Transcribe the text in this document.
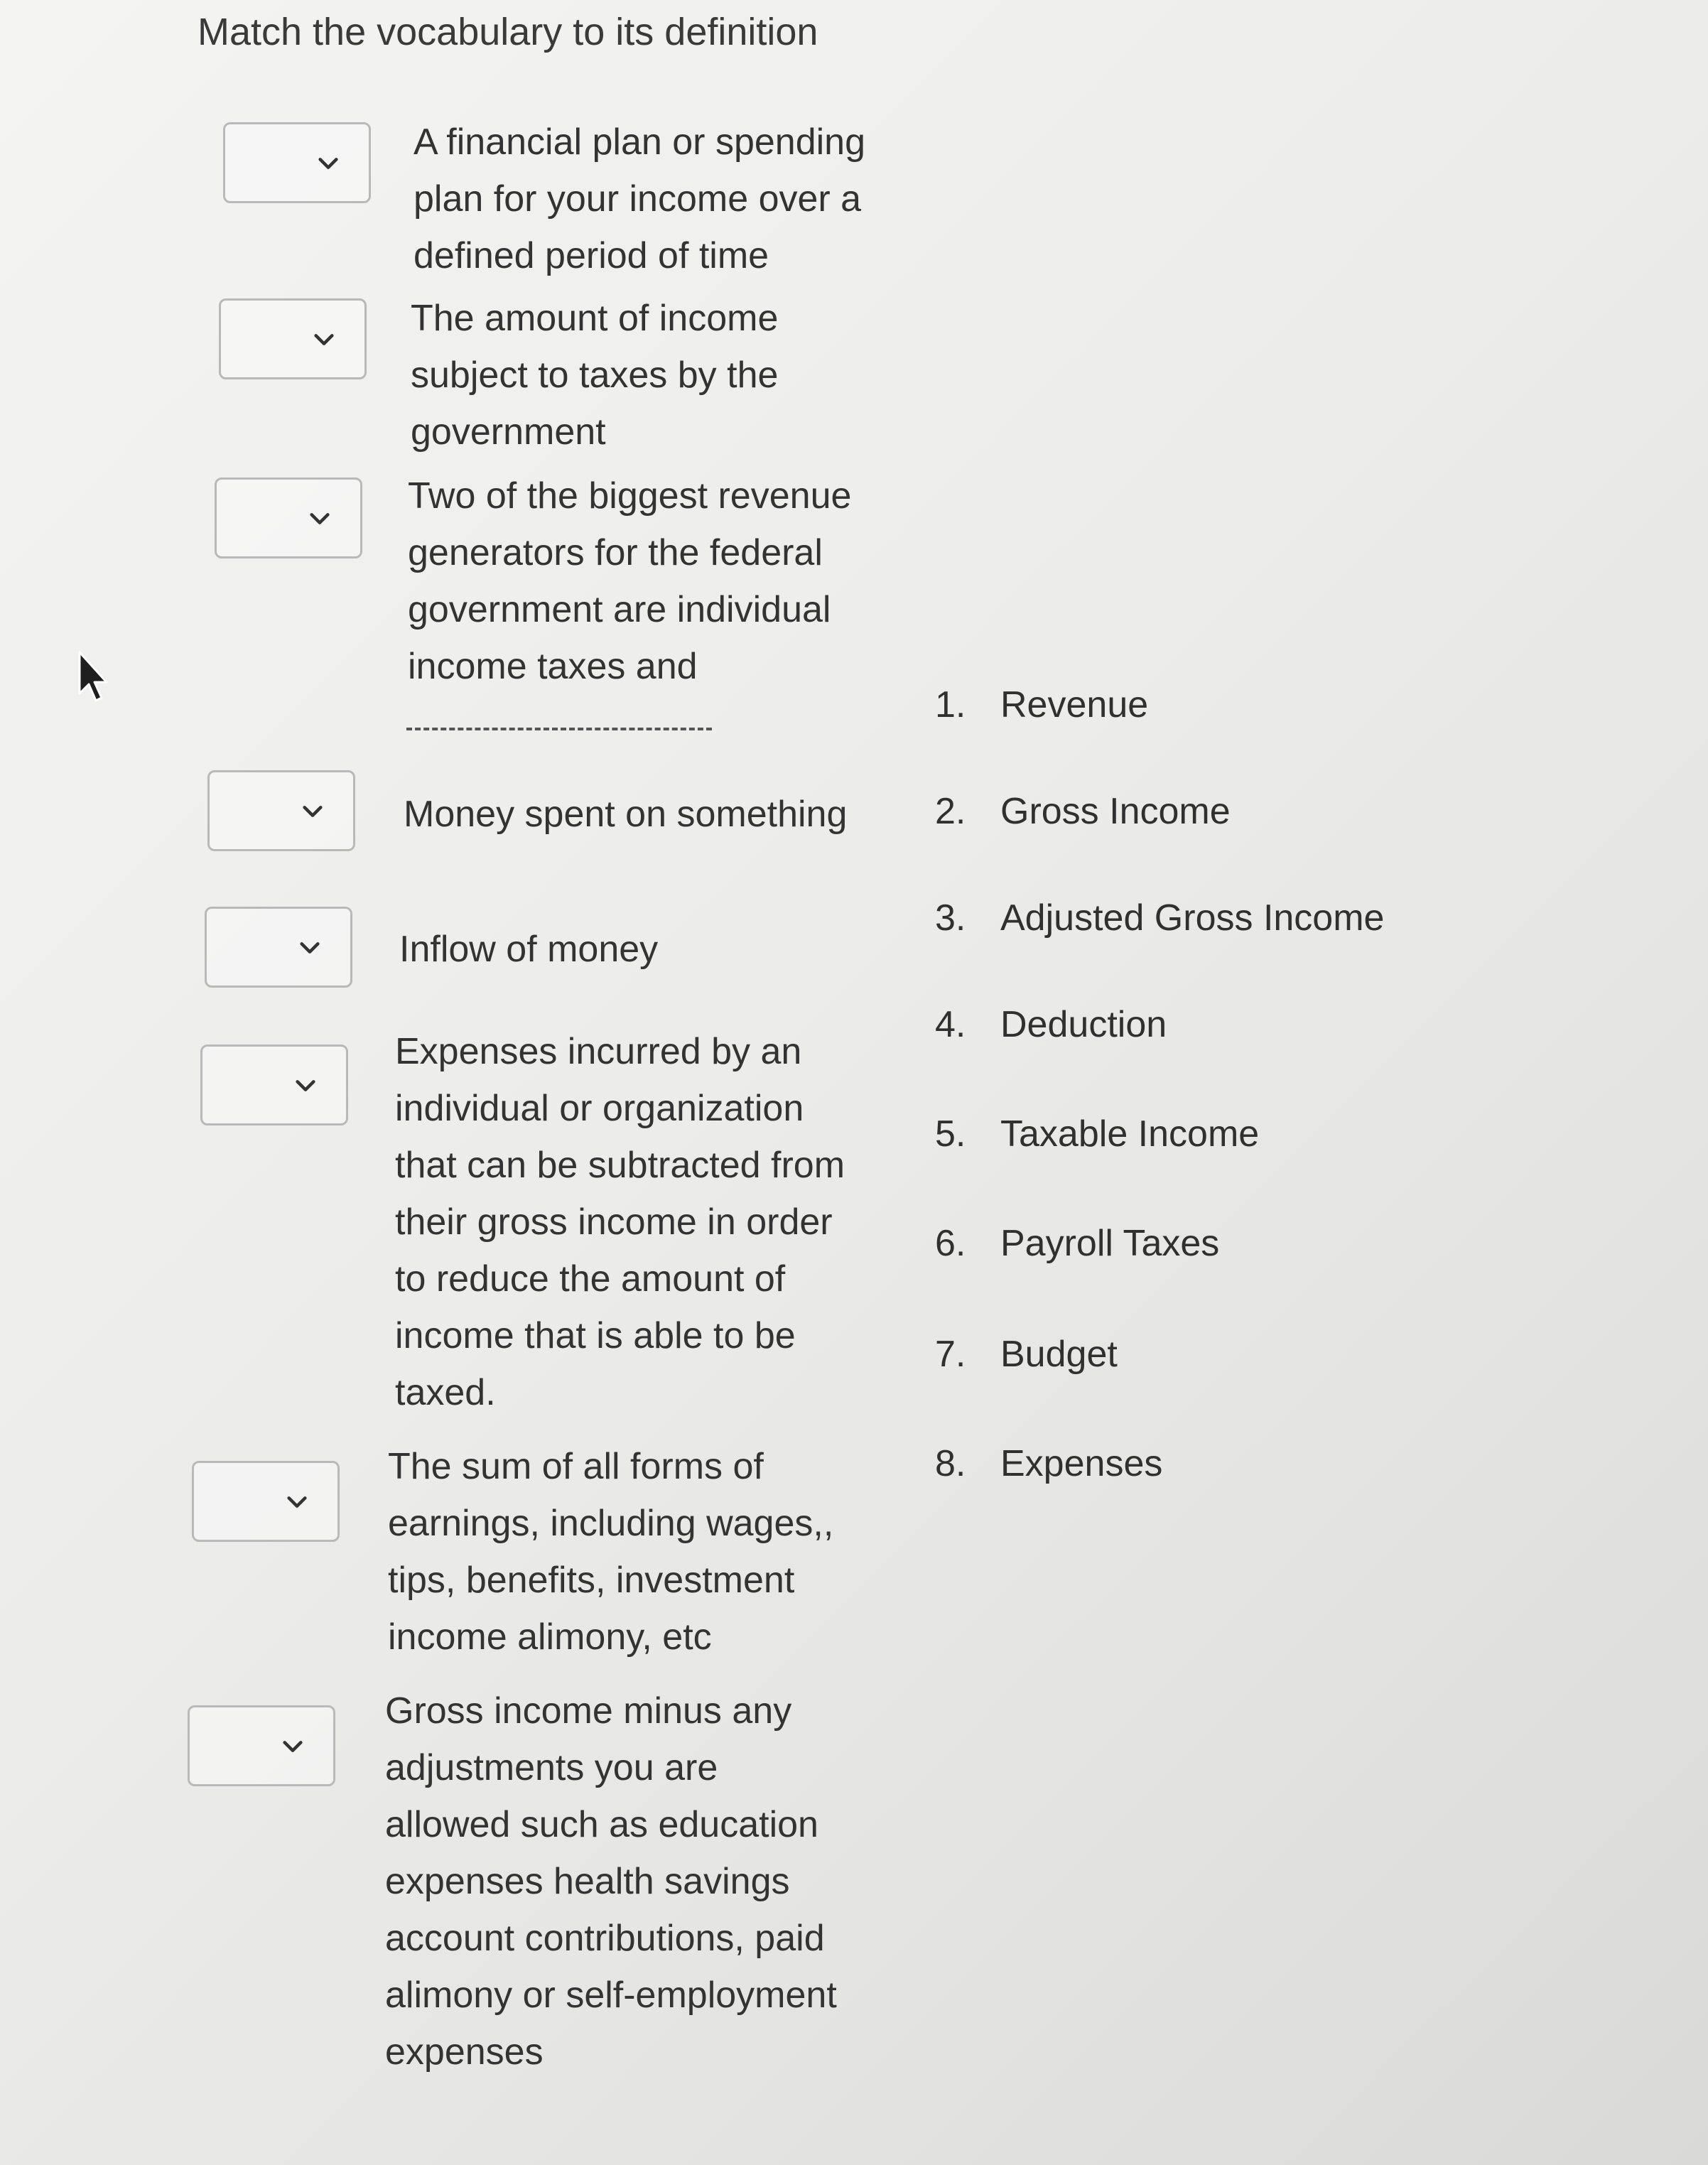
Match the vocabulary to its definition
A financial plan or spending
plan for your income over a
defined period of time
The amount of income
subject to taxes by the
government
Two of the biggest revenue
generators for the federal
government are individual
income taxes and
Money spent on something
Inflow of money
Expenses incurred by an
individual or organization
that can be subtracted from
their gross income in order
to reduce the amount of
income that is able to be
taxed.
The sum of all forms of
earnings, including wages,,
tips, benefits, investment
income alimony, etc
Gross income minus any
adjustments you are
allowed such as education
expenses health savings
account contributions, paid
alimony or self-employment
expenses
1. Revenue
2. Gross Income
3. Adjusted Gross Income
4. Deduction
5. Taxable Income
6. Payroll Taxes
7. Budget
8. Expenses
